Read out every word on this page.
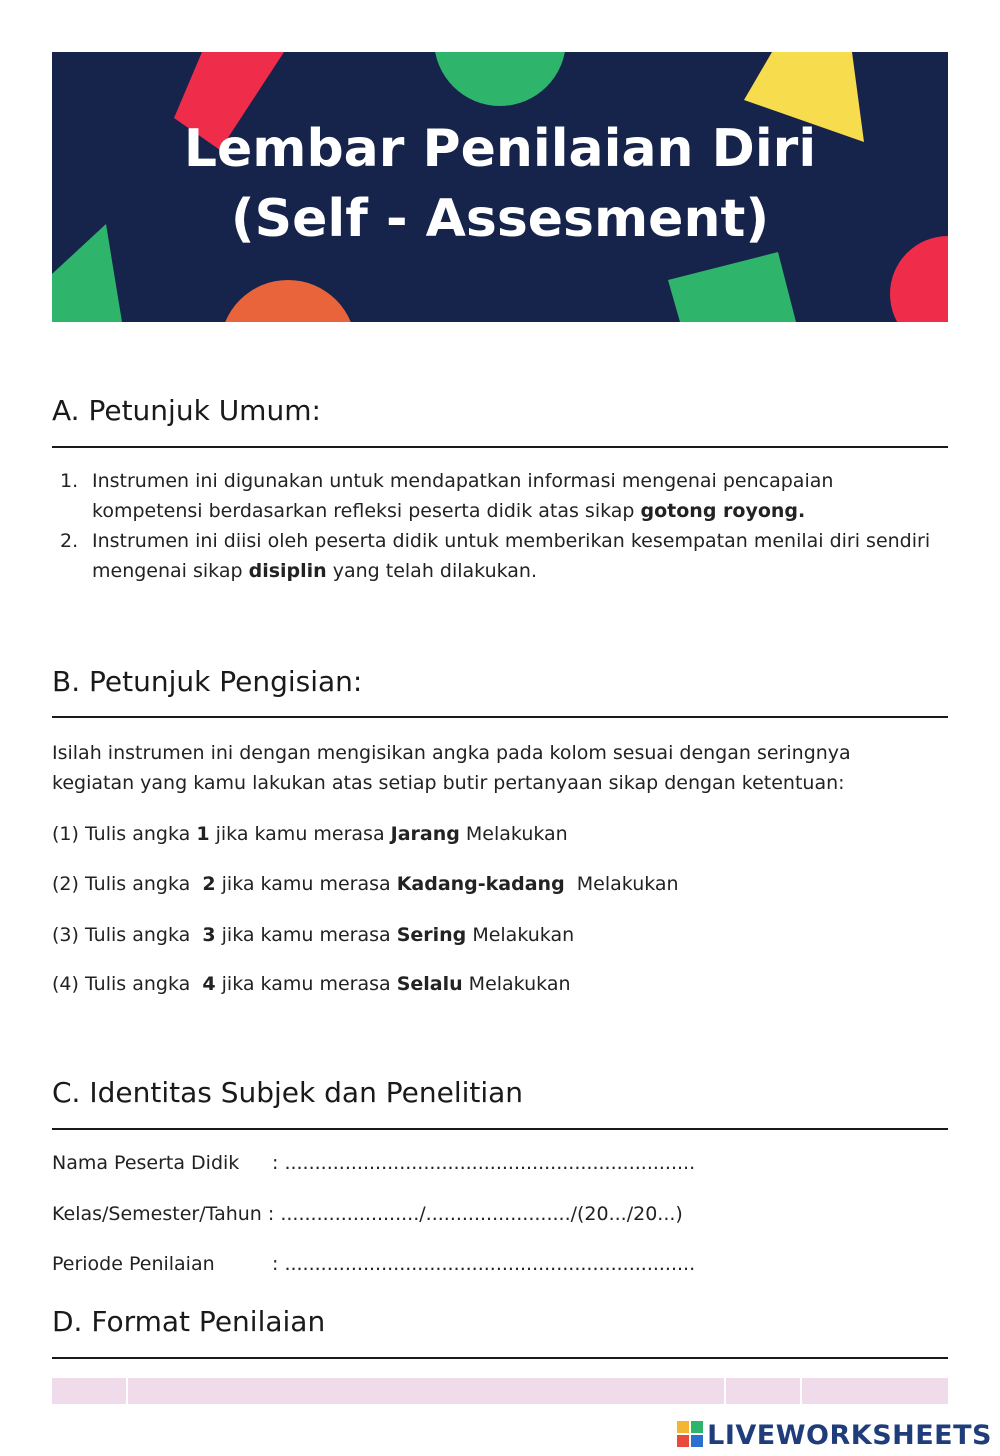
Lembar Penilaian Diri
(Self - Assesment)
A. Petunjuk Umum:
1. Instrumen ini digunakan untuk mendapatkan informasi mengenai pencapaian kompetensi berdasarkan refleksi peserta didik atas sikap gotong royong.
2. Instrumen ini diisi oleh peserta didik untuk memberikan kesempatan menilai diri sendiri mengenai sikap disiplin yang telah dilakukan.
B. Petunjuk Pengisian:
Isilah instrumen ini dengan mengisikan angka pada kolom sesuai dengan seringnya kegiatan yang kamu lakukan atas setiap butir pertanyaan sikap dengan ketentuan:
(1) Tulis angka 1 jika kamu merasa Jarang Melakukan
(2) Tulis angka  2 jika kamu merasa Kadang-kadang  Melakukan
(3) Tulis angka  3 jika kamu merasa Sering Melakukan
(4) Tulis angka  4 jika kamu merasa Selalu Melakukan
C. Identitas Subjek dan Penelitian
Nama Peserta Didik : ....................................................................
Kelas/Semester/Tahun : ......................./......................../(20.../20...)
Periode Penilaian	: ....................................................................
D. Format Penilaian
LIVEWORKSHEETS
